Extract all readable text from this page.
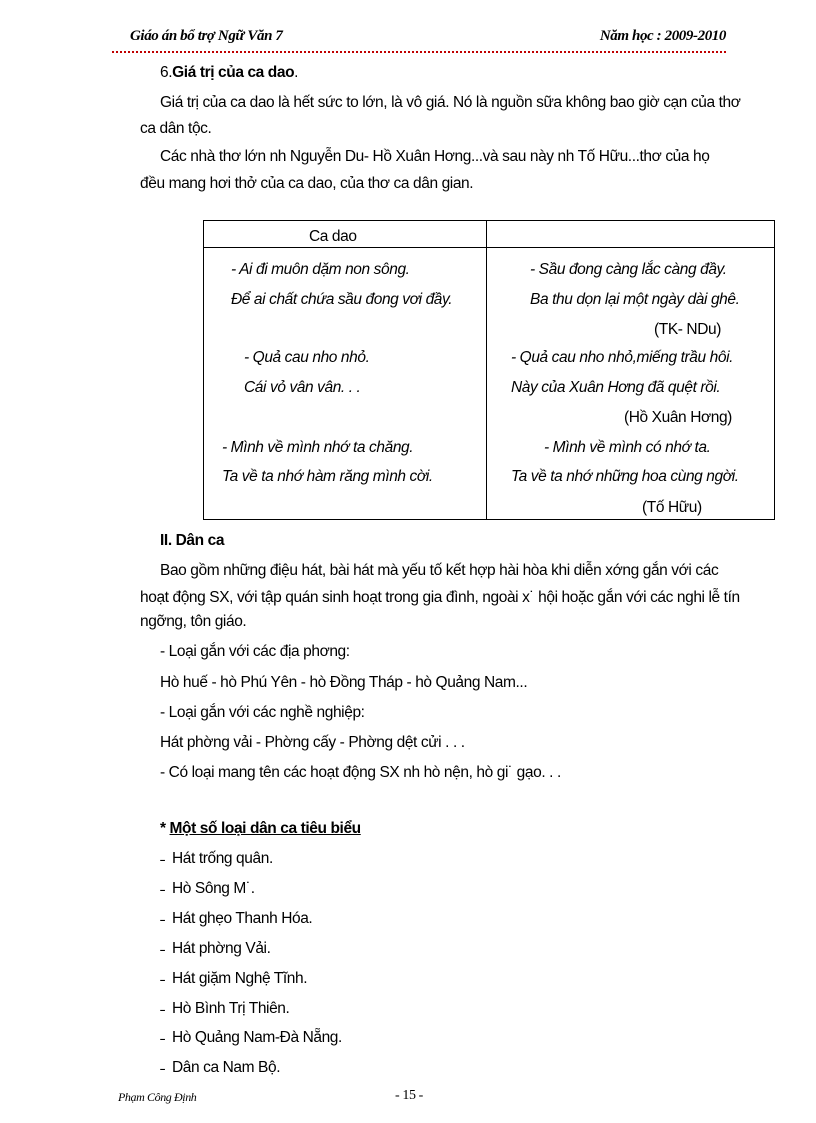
Giáo án bổ trợ Ngữ Văn 7	Năm học : 2009-2010
6.Giá trị của ca dao.
Giá trị của ca dao là hết sức to lớn, là vô giá. Nó là nguồn sữa không bao giờ cạn của thơ
ca dân tộc.
Các nhà thơ lớn nh Nguyễn Du- Hồ Xuân Hơng...và sau này nh Tố Hữu...thơ của họ
đều mang hơi thở của ca dao, của thơ ca dân gian.
Ca dao
- Ai đi muôn dặm non sông.
Để ai chất chứa sầu đong vơi đầy.
- Quả cau nho nhỏ.
Cái vỏ vân vân. . .
- Mình về mình nhớ ta chăng.
Ta về ta nhớ hàm răng mình cời.
- Sầu đong càng lắc càng đầy.
Ba thu dọn lại một ngày dài ghê.
(TK- NDu)
- Quả cau nho nhỏ,miếng trầu hôi.
Này của Xuân Hơng đã quệt rồi.
(Hồ Xuân Hơng)
- Mình về mình có nhớ ta.
Ta về ta nhớ những hoa cùng ngời.
(Tố Hữu)
II. Dân ca
Bao gồm những điệu hát, bài hát mà yếu tố kết hợp hài hòa khi diễn xớng gắn với các
hoạt động SX, với tập quán sinh hoạt trong gia đình, ngoài x˙ hội hoặc gắn với các nghi lễ tín
ngỡng, tôn giáo.
- Loại gắn với các địa phơng:
Hò huế - hò Phú Yên - hò Đồng Tháp - hò Quảng Nam...
- Loại gắn với các nghề nghiệp:
Hát phờng vải - Phờng cấy - Phờng dệt cửi . . .
- Có loại mang tên các hoạt động SX nh hò nện, hò gi˙ gạo. . .
* Một số loại dân ca tiêu biểu
˗ Hát trống quân.
˗ Hò Sông M˙.
˗ Hát ghẹo Thanh Hóa.
˗ Hát phờng Vải.
˗ Hát giặm Nghệ Tĩnh.
˗ Hò Bình Trị Thiên.
˗ Hò Quảng Nam-Đà Nẵng.
˗ Dân ca Nam Bộ.
Phạm Công Định	- 15 -
